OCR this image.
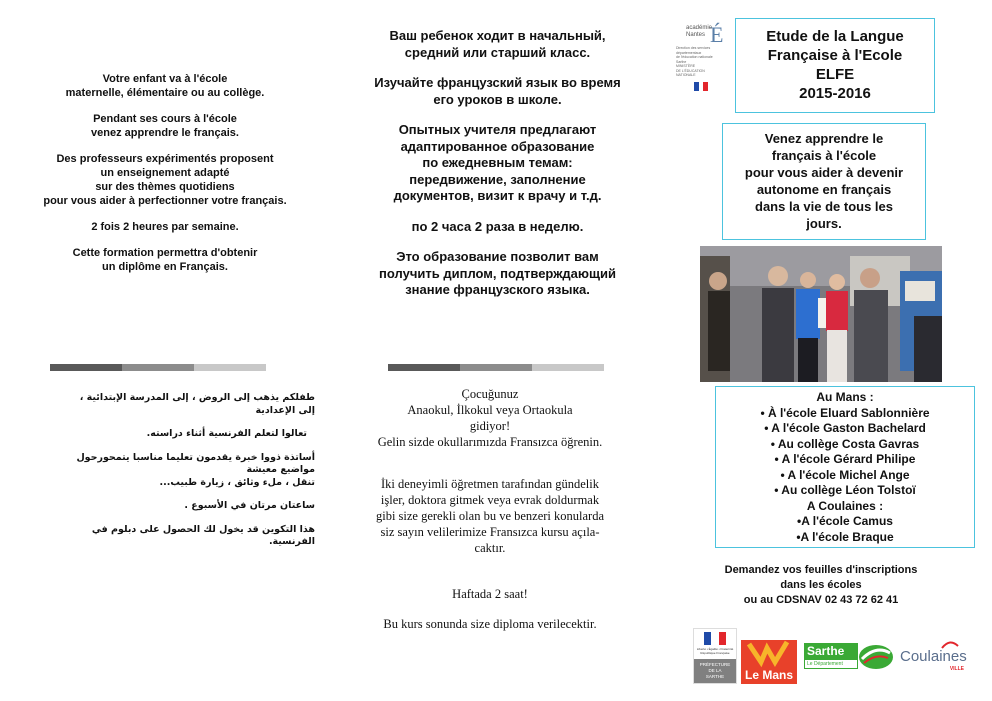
Votre enfant va à l'école

maternelle, élémentaire ou au collège.

Pendant ses cours à l'école

venez apprendre le français.

Des professeurs expérimentés proposent

un enseignement adapté

sur des thèmes quotidiens

pour vous aider à perfectionner votre français.

2 fois 2 heures par semaine.

Cette formation permettra d'obtenir

un diplôme en Français.

Ваш ребенок ходит в начальный,

средний или старший класс.

Изучайте французский язык во время

его уроков в школе.

Опытных учителя предлагают

адаптированное образование

по ежедневным темам:

передвижение, заполнение

документов, визит к врачу и т.д.

по 2 часа 2 раза в неделю.

Это образование позволит вам

получить диплом, подтверждающий

знание французского языка.

طفلكم يذهب إلى الروض ، إلى المدرسة الإبتدائية ، إلى الإعدادية

تعالوا لتعلم الفرنسية أثناء دراسته.

أساتذة ذووا خبرة يقدمون تعليما مناسبا يتمحورحول مواضيع معيشة
تنقل ، ملء وثائق ، زيارة طبيب...

ساعتان مرتان في الأسبوع .

هذا التكوين قد يخول لك الحصول على دبلوم في الفرنسية.

Çocuğunuz

Anaokul, İlkokul veya Ortaokula

gidiyor!

Gelin sizde okullarımızda Fransızca öğrenin.

İki deneyimli öğretmen tarafından gündelik

işler, doktora gitmek veya evrak doldurmak

gibi size gerekli olan bu ve benzeri konularda

siz sayın velilerimize Fransızca kursu açıla-

caktır.

Haftada 2 saat!

Bu kurs sonunda size diploma verilecektir.

académie
Nantes É
Direction des services
départementaux
de l'éducation nationale
Sarthe
MINISTÈRE
DE L'ÉDUCATION
NATIONALE
Etude de la Langue
Française à l'Ecole
ELFE
2015-2016
Venez apprendre le
français à l'école
pour vous aider à devenir
autonome en français
dans la vie de tous les
jours.
Au Mans :
• À l'école Eluard Sablonnière
• A l'école Gaston Bachelard
• Au collège Costa Gavras
• A l'école Gérard Philipe
• A l'école Michel Ange
• Au collège Léon Tolstoï
A Coulaines :
•A l'école Camus
•A l'école Braque

Demandez vos feuilles d'inscriptions

dans les écoles

ou au CDSNAV 02 43 72 62 41

Liberté • Égalité • Fraternité
République Française
PRÉFECTURE
DE LA
SARTHE	Le Mans
Sarthe
Le Département	Coulaines
VILLE
